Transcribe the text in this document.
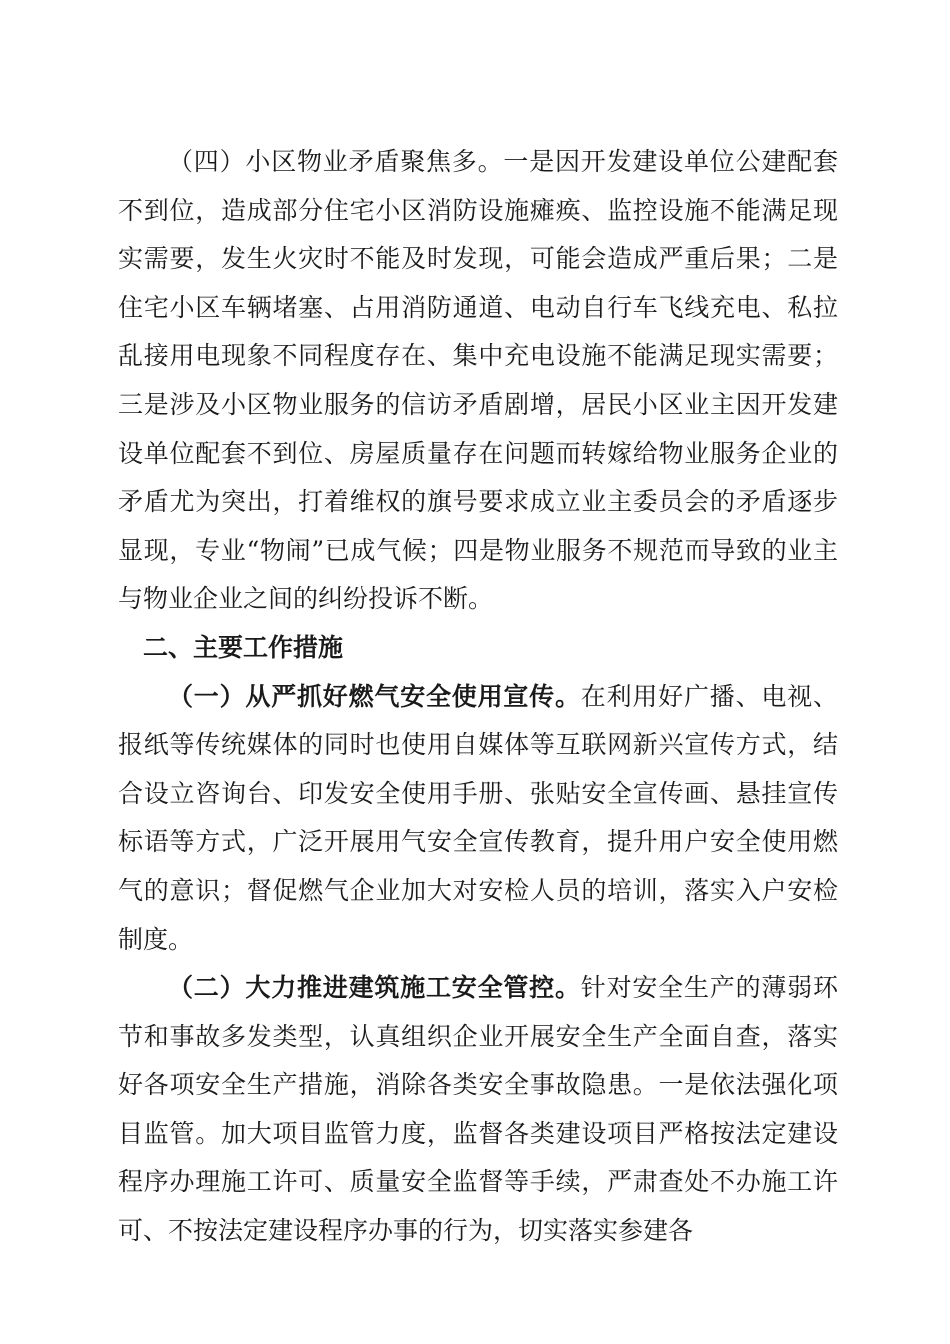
（四）小区物业矛盾聚焦多。一是因开发建设单位公建配套不到位，造成部分住宅小区消防设施瘫痪、监控设施不能满足现实需要，发生火灾时不能及时发现，可能会造成严重后果；二是住宅小区车辆堵塞、占用消防通道、电动自行车飞线充电、私拉乱接用电现象不同程度存在、集中充电设施不能满足现实需要；三是涉及小区物业服务的信访矛盾剧增，居民小区业主因开发建设单位配套不到位、房屋质量存在问题而转嫁给物业服务企业的矛盾尤为突出，打着维权的旗号要求成立业主委员会的矛盾逐步显现，专业“物闹”已成气候；四是物业服务不规范而导致的业主与物业企业之间的纠纷投诉不断。

二、主要工作措施

（一）从严抓好燃气安全使用宣传。在利用好广播、电视、报纸等传统媒体的同时也使用自媒体等互联网新兴宣传方式，结合设立咨询台、印发安全使用手册、张贴安全宣传画、悬挂宣传标语等方式，广泛开展用气安全宣传教育，提升用户安全使用燃气的意识；督促燃气企业加大对安检人员的培训，落实入户安检制度。

（二）大力推进建筑施工安全管控。针对安全生产的薄弱环节和事故多发类型，认真组织企业开展安全生产全面自查，落实好各项安全生产措施，消除各类安全事故隐患。一是依法强化项目监管。加大项目监管力度，监督各类建设项目严格按法定建设程序办理施工许可、质量安全监督等手续，严肃查处不办施工许可、不按法定建设程序办事的行为，切实落实参建各
